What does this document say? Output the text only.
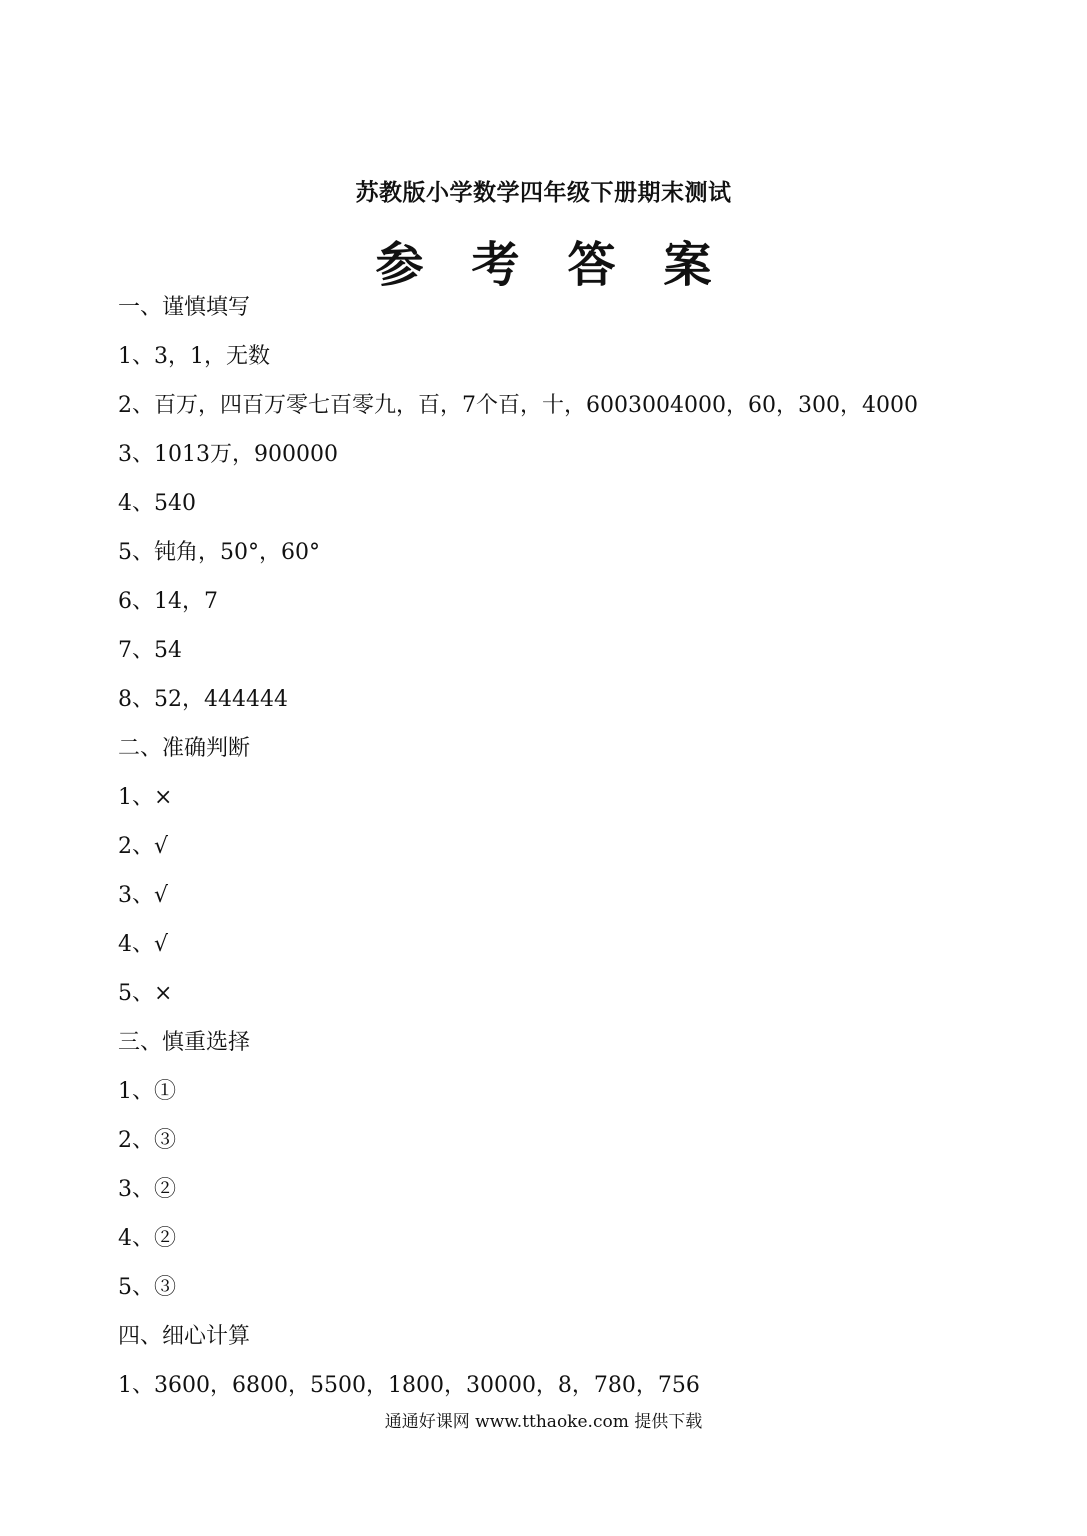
苏教版小学数学四年级下册期末测试
参 考 答 案
一、谨慎填写
1、3，1，无数
2、百万，四百万零七百零九，百，7个百，十，6003004000，60，300，4000
3、1013万，900000
4、540
5、钝角，50°，60°
6、14，7
7、54
8、52，444444
二、准确判断
1、×
2、√
3、√
4、√
5、×
三、慎重选择
1、①
2、③
3、②
4、②
5、③
四、细心计算
1、3600，6800，5500，1800，30000，8，780，756
通通好课网 www.tthaoke.com 提供下载
